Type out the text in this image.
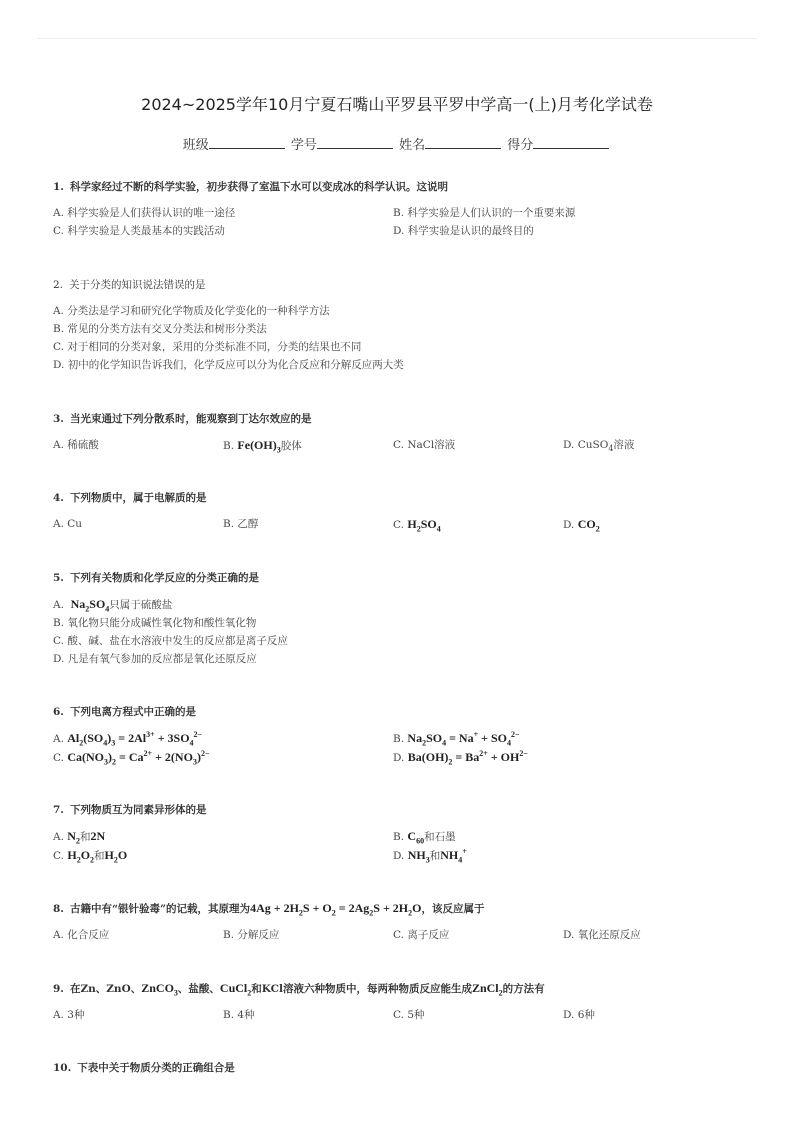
2024~2025学年10月宁夏石嘴山平罗县平罗中学高一(上)月考化学试卷
班级	学号	姓名	得分
1. 科学家经过不断的科学实验，初步获得了室温下水可以变成冰的科学认识。这说明
A. 科学实验是人们获得认识的唯一途径	B. 科学实验是人们认识的一个重要来源
C. 科学实验是人类最基本的实践活动	D. 科学实验是认识的最终目的
2. 关于分类的知识说法错误的是
A. 分类法是学习和研究化学物质及化学变化的一种科学方法
B. 常见的分类方法有交叉分类法和树形分类法
C. 对于相同的分类对象，采用的分类标准不同，分类的结果也不同
D. 初中的化学知识告诉我们，化学反应可以分为化合反应和分解反应两大类
3. 当光束通过下列分散系时，能观察到丁达尔效应的是
A. 稀硫酸	B. $Fe(OH)_3$胶体	C. NaCl溶液	D. CuSO$_4$溶液
4. 下列物质中，属于电解质的是
A. Cu	B. 乙醇	C. $H_2SO_4$	D. $CO_2$
5. 下列有关物质和化学反应的分类正确的是
A.  $Na_2SO_4$只属于硫酸盐
B. 氧化物只能分成碱性氧化物和酸性氧化物
C. 酸、碱、盐在水溶液中发生的反应都是离子反应
D. 凡是有氧气参加的反应都是氧化还原反应
6. 下列电离方程式中正确的是
A. $Al_2(SO_4)_3 = 2Al^{3+} + 3SO_4^{2-}$	B. $Na_2SO_4 = Na^+ + SO_4^{2-}$
C. $Ca(NO_3)_2 = Ca^{2+} + 2(NO_3)^{2-}$	D. $Ba(OH)_2 = Ba^{2+} + OH^{2-}$
7. 下列物质互为同素异形体的是
A. $N_2$和2N	B. $C_{60}$和石墨
C. $H_2O_2$和$H_2O$	D. $NH_3$和$NH_4^+$
8. 古籍中有“银针验毒”的记载，其原理为$4Ag + 2H_2S + O_2 = 2Ag_2S + 2H_2O$，该反应属于
A. 化合反应	B. 分解反应	C. 离子反应	D. 氧化还原反应
9. 在Zn、ZnO、ZnCO$_3$、盐酸、CuCl$_2$和KCl溶液六种物质中，每两种物质反应能生成ZnCl$_2$的方法有
A. 3种	B. 4种	C. 5种	D. 6种
10. 下表中关于物质分类的正确组合是
